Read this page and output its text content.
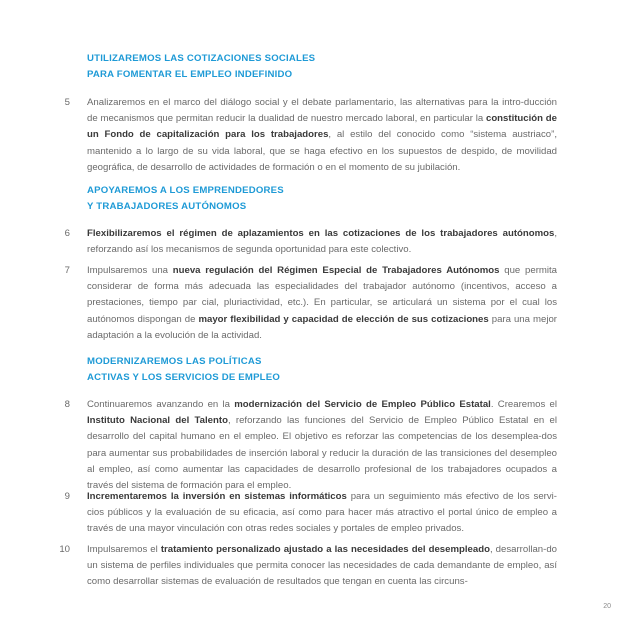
UTILIZAREMOS LAS COTIZACIONES SOCIALES
PARA FOMENTAR EL EMPLEO INDEFINIDO
5 Analizaremos en el marco del diálogo social y el debate parlamentario, las alternativas para la intro-ducción de mecanismos que permitan reducir la dualidad de nuestro mercado laboral, en particular la constitución de un Fondo de capitalización para los trabajadores, al estilo del conocido como “sistema austriaco”, mantenido a lo largo de su vida laboral, que se haga efectivo en los supuestos de despido, de movilidad geográfica, de desarrollo de actividades de formación o en el momento de su jubilación.

APOYAREMOS A LOS EMPRENDEDORES
Y TRABAJADORES AUTÓNOMOS
6 Flexibilizaremos el régimen de aplazamientos en las cotizaciones de los trabajadores autónomos, reforzando así los mecanismos de segunda oportunidad para este colectivo.

7 Impulsaremos una nueva regulación del Régimen Especial de Trabajadores Autónomos que permita considerar de forma más adecuada las especialidades del trabajador autónomo (incentivos, acceso a prestaciones, tiempo par cial, pluriactividad, etc.). En particular, se articulará un sistema por el cual los autónomos dispongan de mayor flexibilidad y capacidad de elección de sus cotizaciones para una mejor adaptación a la evolución de la actividad.

MODERNIZAREMOS LAS POLÍTICAS
ACTIVAS Y LOS SERVICIOS DE EMPLEO
8 Continuaremos avanzando en la modernización del Servicio de Empleo Público Estatal. Crearemos el Instituto Nacional del Talento, reforzando las funciones del Servicio de Empleo Público Estatal en el desarrollo del capital humano en el empleo. El objetivo es reforzar las competencias de los desemplea-dos para aumentar sus probabilidades de inserción laboral y reducir la duración de las transiciones del desempleo al empleo, así como aumentar las capacidades de desarrollo profesional de los trabajadores ocupados a través del sistema de formación para el empleo.

9 Incrementaremos la inversión en sistemas informáticos para un seguimiento más efectivo de los servi-cios públicos y la evaluación de su eficacia, así como para hacer más atractivo el portal único de empleo a través de una mayor vinculación con otras redes sociales y portales de empleo privados.

10 Impulsaremos el tratamiento personalizado ajustado a las necesidades del desempleado, desarrollan-do un sistema de perfiles individuales que permita conocer las necesidades de cada demandante de empleo, así como desarrollar sistemas de evaluación de resultados que tengan en cuenta las circuns-

20
